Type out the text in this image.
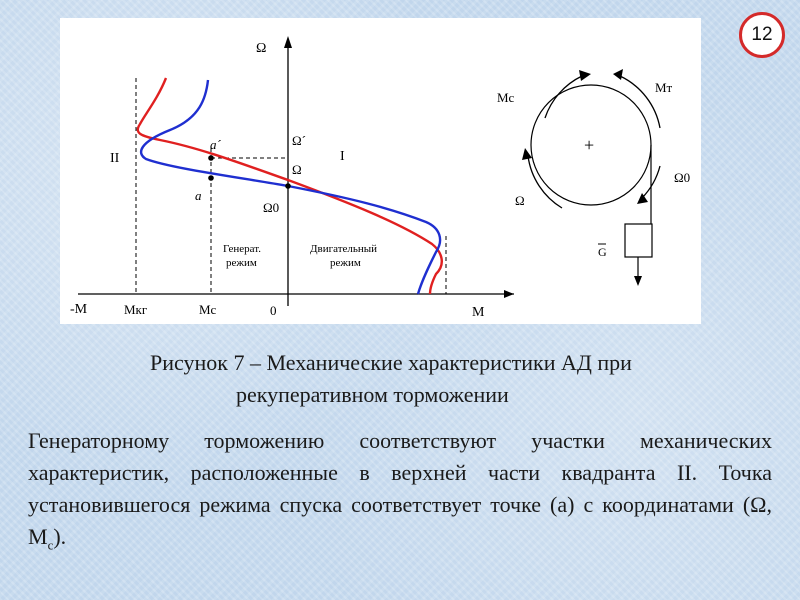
12
Ω
-M	M
0
Mкг	Mс
I
II
a´
a
Ω´
Ω
Ω0
Генерат.
режим
Двигательный
режим
+
G
Mс
Mт
Ω
Ω0
Рисунок 7 – Механические характеристики АД при
рекуперативном торможении
Генераторному торможению соответствуют участки механических характеристик, расположенные в верхней части квадранта II. Точка установившегося режима спуска соответствует точке (а) с координатами (Ω, $М_с$).
